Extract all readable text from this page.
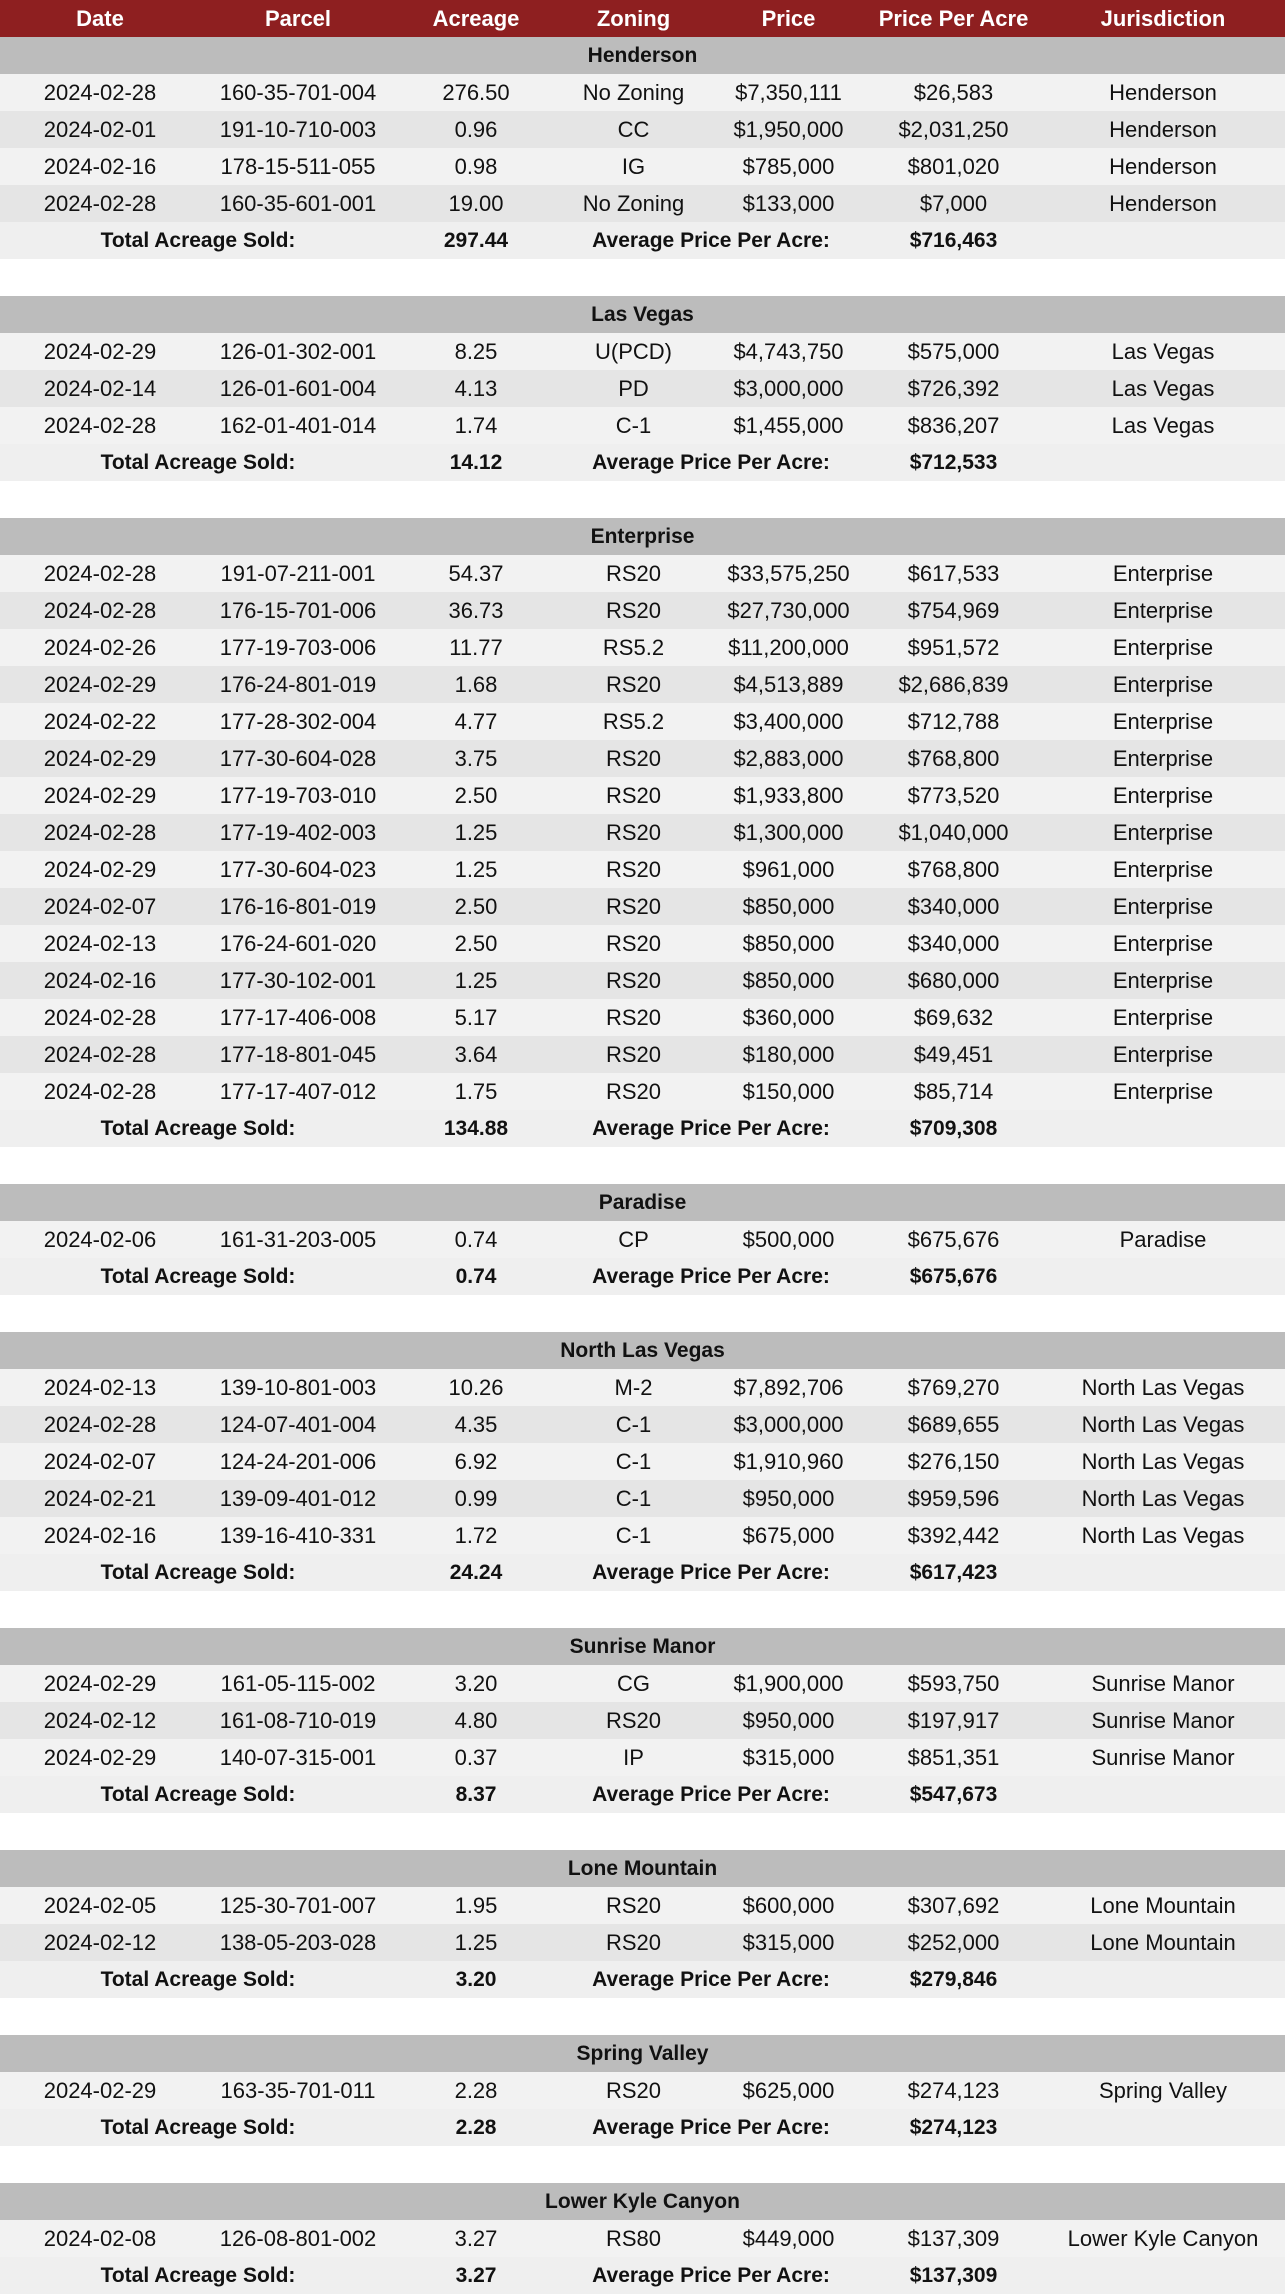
Date	Parcel	Acreage	Zoning	Price	Price Per Acre	Jurisdiction
Henderson
2024-02-28	160-35-701-004	276.50	No Zoning	$7,350,111	$26,583	Henderson
2024-02-01	191-10-710-003	0.96	CC	$1,950,000	$2,031,250	Henderson
2024-02-16	178-15-511-055	0.98	IG	$785,000	$801,020	Henderson
2024-02-28	160-35-601-001	19.00	No Zoning	$133,000	$7,000	Henderson
Total Acreage Sold:	297.44	Average Price Per Acre:	$716,463
Las Vegas
2024-02-29	126-01-302-001	8.25	U(PCD)	$4,743,750	$575,000	Las Vegas
2024-02-14	126-01-601-004	4.13	PD	$3,000,000	$726,392	Las Vegas
2024-02-28	162-01-401-014	1.74	C-1	$1,455,000	$836,207	Las Vegas
Total Acreage Sold:	14.12	Average Price Per Acre:	$712,533
Enterprise
2024-02-28	191-07-211-001	54.37	RS20	$33,575,250	$617,533	Enterprise
2024-02-28	176-15-701-006	36.73	RS20	$27,730,000	$754,969	Enterprise
2024-02-26	177-19-703-006	11.77	RS5.2	$11,200,000	$951,572	Enterprise
2024-02-29	176-24-801-019	1.68	RS20	$4,513,889	$2,686,839	Enterprise
2024-02-22	177-28-302-004	4.77	RS5.2	$3,400,000	$712,788	Enterprise
2024-02-29	177-30-604-028	3.75	RS20	$2,883,000	$768,800	Enterprise
2024-02-29	177-19-703-010	2.50	RS20	$1,933,800	$773,520	Enterprise
2024-02-28	177-19-402-003	1.25	RS20	$1,300,000	$1,040,000	Enterprise
2024-02-29	177-30-604-023	1.25	RS20	$961,000	$768,800	Enterprise
2024-02-07	176-16-801-019	2.50	RS20	$850,000	$340,000	Enterprise
2024-02-13	176-24-601-020	2.50	RS20	$850,000	$340,000	Enterprise
2024-02-16	177-30-102-001	1.25	RS20	$850,000	$680,000	Enterprise
2024-02-28	177-17-406-008	5.17	RS20	$360,000	$69,632	Enterprise
2024-02-28	177-18-801-045	3.64	RS20	$180,000	$49,451	Enterprise
2024-02-28	177-17-407-012	1.75	RS20	$150,000	$85,714	Enterprise
Total Acreage Sold:	134.88	Average Price Per Acre:	$709,308
Paradise
2024-02-06	161-31-203-005	0.74	CP	$500,000	$675,676	Paradise
Total Acreage Sold:	0.74	Average Price Per Acre:	$675,676
North Las Vegas
2024-02-13	139-10-801-003	10.26	M-2	$7,892,706	$769,270	North Las Vegas
2024-02-28	124-07-401-004	4.35	C-1	$3,000,000	$689,655	North Las Vegas
2024-02-07	124-24-201-006	6.92	C-1	$1,910,960	$276,150	North Las Vegas
2024-02-21	139-09-401-012	0.99	C-1	$950,000	$959,596	North Las Vegas
2024-02-16	139-16-410-331	1.72	C-1	$675,000	$392,442	North Las Vegas
Total Acreage Sold:	24.24	Average Price Per Acre:	$617,423
Sunrise Manor
2024-02-29	161-05-115-002	3.20	CG	$1,900,000	$593,750	Sunrise Manor
2024-02-12	161-08-710-019	4.80	RS20	$950,000	$197,917	Sunrise Manor
2024-02-29	140-07-315-001	0.37	IP	$315,000	$851,351	Sunrise Manor
Total Acreage Sold:	8.37	Average Price Per Acre:	$547,673
Lone Mountain
2024-02-05	125-30-701-007	1.95	RS20	$600,000	$307,692	Lone Mountain
2024-02-12	138-05-203-028	1.25	RS20	$315,000	$252,000	Lone Mountain
Total Acreage Sold:	3.20	Average Price Per Acre:	$279,846
Spring Valley
2024-02-29	163-35-701-011	2.28	RS20	$625,000	$274,123	Spring Valley
Total Acreage Sold:	2.28	Average Price Per Acre:	$274,123
Lower Kyle Canyon
2024-02-08	126-08-801-002	3.27	RS80	$449,000	$137,309	Lower Kyle Canyon
Total Acreage Sold:	3.27	Average Price Per Acre:	$137,309
